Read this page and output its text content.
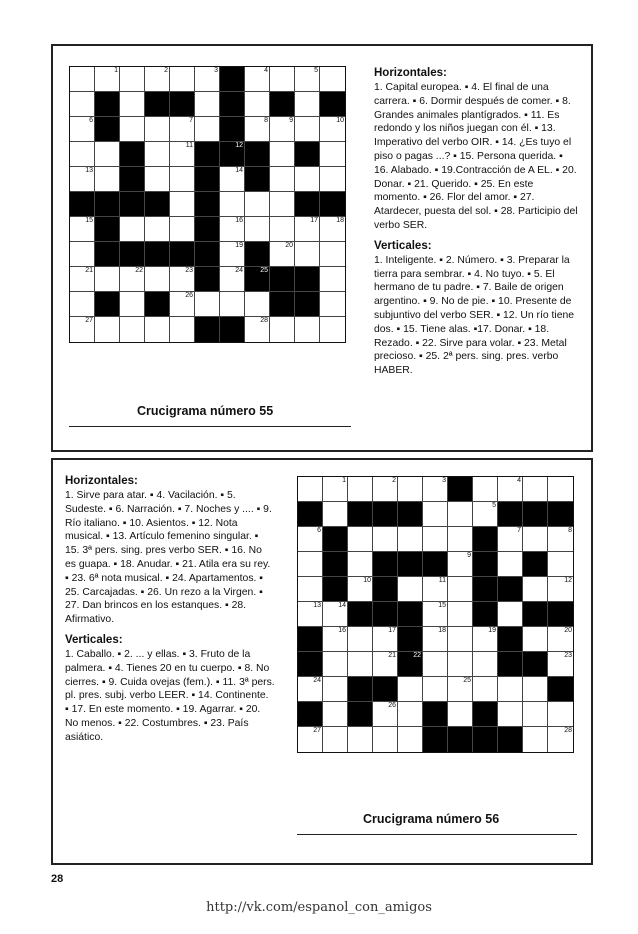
1	2	3	4	5
6	7	8	9	10
11	12
13	14
15	16	17	18
19	20
21	22	23	24 25
26
27	28
Crucigrama número 55
Horizontales:

1. Capital europea. ▪ 4. El final de una carrera. ▪ 6. Dormir después de comer. ▪ 8. Grandes animales plantígrados. ▪ 11. Es redondo y los niños juegan con él. ▪ 13. Imperativo del verbo OIR. ▪ 14. ¿Es tuyo el piso o pagas ...? ▪ 15. Persona querida. ▪ 16. Alabado. ▪ 19.Contracción de A EL. ▪ 20. Donar. ▪ 21. Querido. ▪ 25. En este momento. ▪ 26. Flor del amor. ▪ 27. Atardecer, puesta del sol. ▪ 28. Participio del verbo SER.

Verticales:

1. Inteligente. ▪ 2. Número. ▪ 3. Preparar la tierra para sembrar. ▪ 4. No tuyo. ▪ 5. El hermano de tu padre. ▪ 7. Baile de origen argentino. ▪ 9. No de pie. ▪ 10. Presente de subjuntivo del verbo SER. ▪ 12. Un río tiene dos. ▪ 15. Tiene alas. ▪17. Donar. ▪ 18. Rezado. ▪ 22. Sirve para volar. ▪ 23. Metal precioso. ▪ 25. 2ª pers. sing. pres. verbo HABER.

Horizontales:

1. Sirve para atar. ▪ 4. Vacilación. ▪ 5. Sudeste. ▪ 6. Narración. ▪ 7. Noches y .... ▪ 9. Río italiano. ▪ 10. Asientos. ▪ 12. Nota musical. ▪ 13. Artículo femenino singular. ▪ 15. 3ª pers. sing. pres verbo SER. ▪ 16. No es guapa. ▪ 18. Anudar. ▪ 21. Atila era su rey. ▪ 23. 6ª nota musical. ▪ 24. Apartamentos. ▪ 25. Carcajadas. ▪ 26. Un rezo a la Virgen. ▪ 27. Dan brincos en los estanques. ▪ 28. Afirmativo.

Verticales:

1. Caballo. ▪ 2. ... y ellas. ▪ 3. Fruto de la palmera. ▪ 4. Tienes 20 en tu cuerpo. ▪ 8. No cierres. ▪ 9. Cuida ovejas (fem.). ▪ 11. 3ª pers. pl. pres. subj. verbo LEER. ▪ 14. Continente. ▪ 17. En este momento. ▪ 19. Agarrar. ▪ 20. No menos. ▪ 22. Costumbres. ▪ 23. País asiático.

1	2	3	4
5
6	7	8
9
10	11	12
13 14	15
16	17	18	19	20
21 22	23
24	25
26
27	28
Crucigrama número 56
28
http://vk.com/espanol_con_amigos
